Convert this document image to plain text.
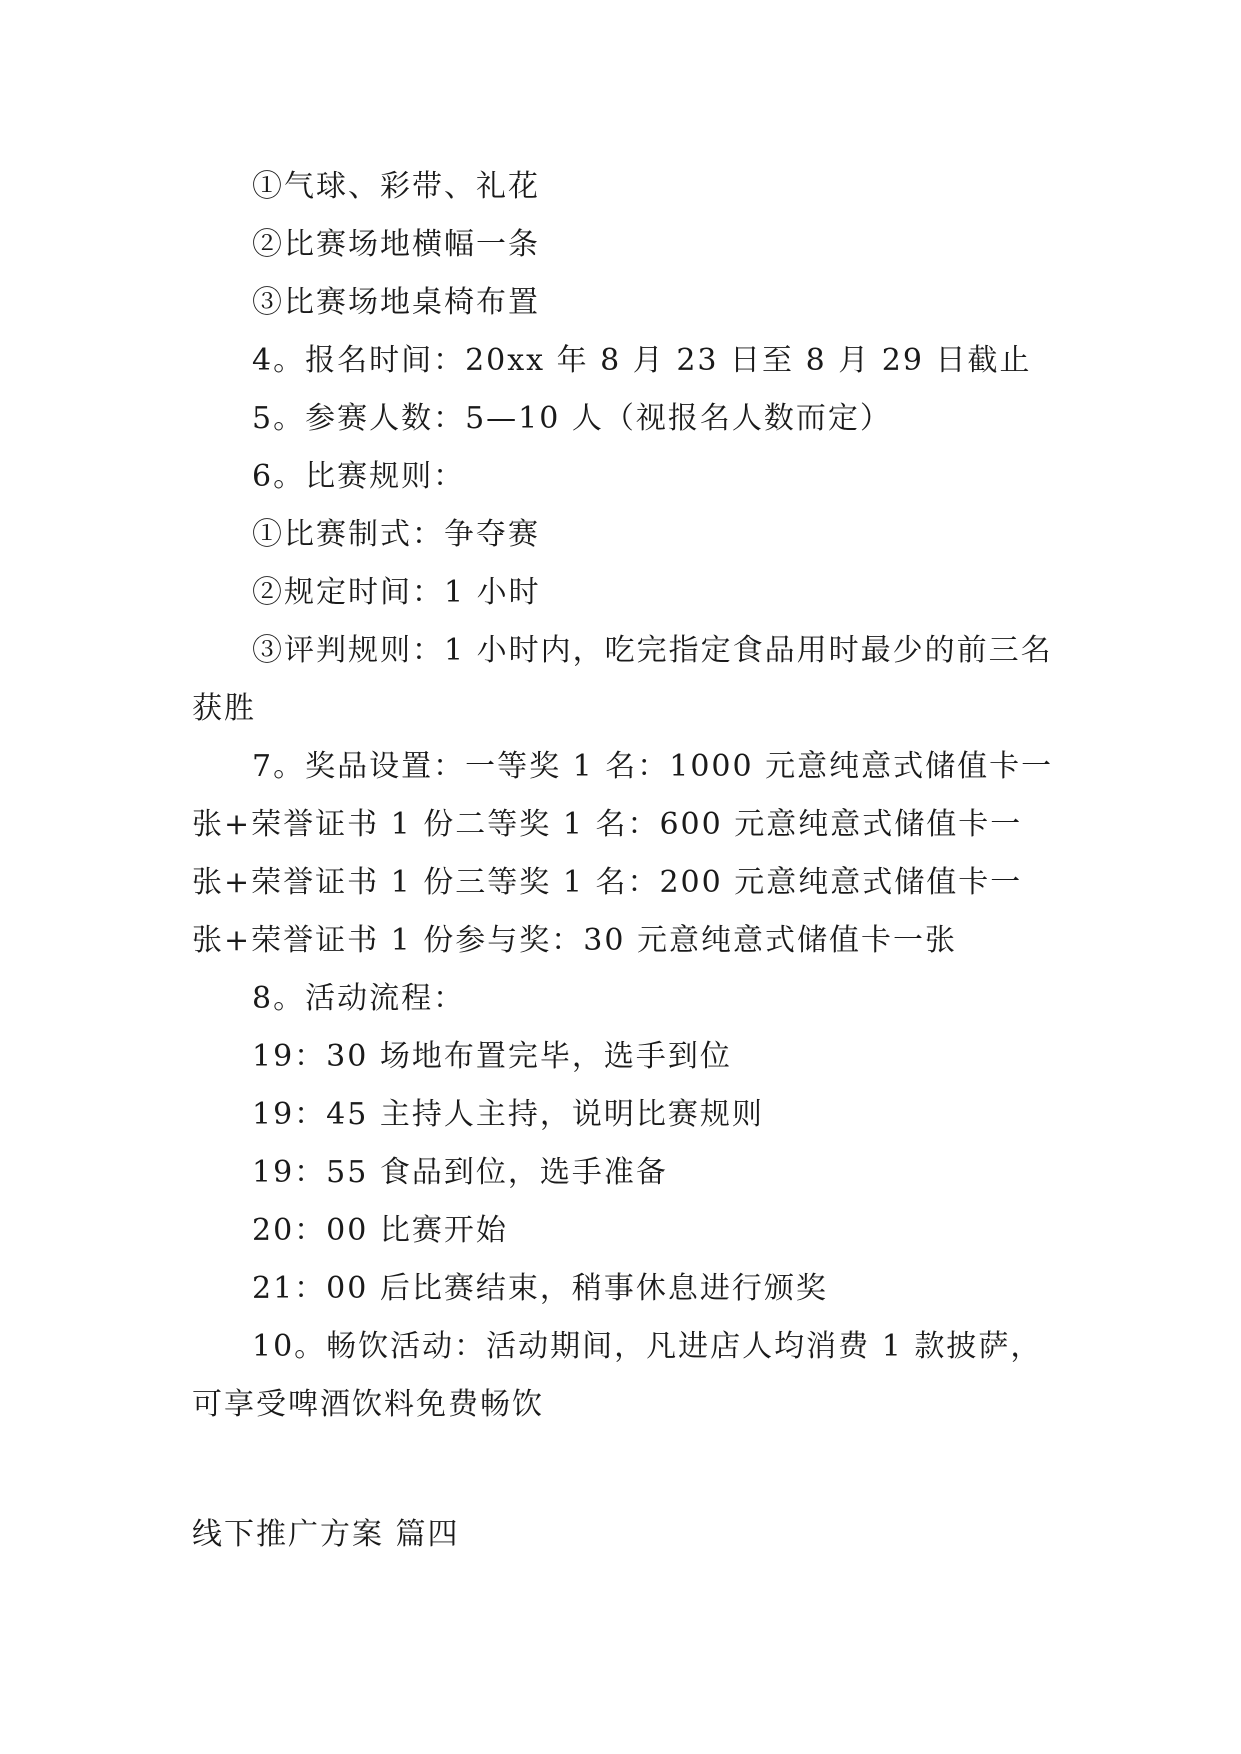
①气球、彩带、礼花

②比赛场地横幅一条

③比赛场地桌椅布置

4。报名时间：20xx 年 8 月 23 日至 8 月 29 日截止

5。参赛人数：5—10 人（视报名人数而定）

6。比赛规则：

①比赛制式：争夺赛

②规定时间：1 小时

③评判规则：1 小时内，吃完指定食品用时最少的前三名获胜

7。奖品设置：一等奖 1 名：1000 元意纯意式储值卡一张+荣誉证书 1 份二等奖 1 名：600 元意纯意式储值卡一张+荣誉证书 1 份三等奖 1 名：200 元意纯意式储值卡一张+荣誉证书 1 份参与奖：30 元意纯意式储值卡一张

8。活动流程：

19：30 场地布置完毕，选手到位

19：45 主持人主持，说明比赛规则

19：55 食品到位，选手准备

20：00 比赛开始

21：00 后比赛结束，稍事休息进行颁奖

10。畅饮活动：活动期间，凡进店人均消费 1 款披萨，可享受啤酒饮料免费畅饮

线下推广方案 篇四
